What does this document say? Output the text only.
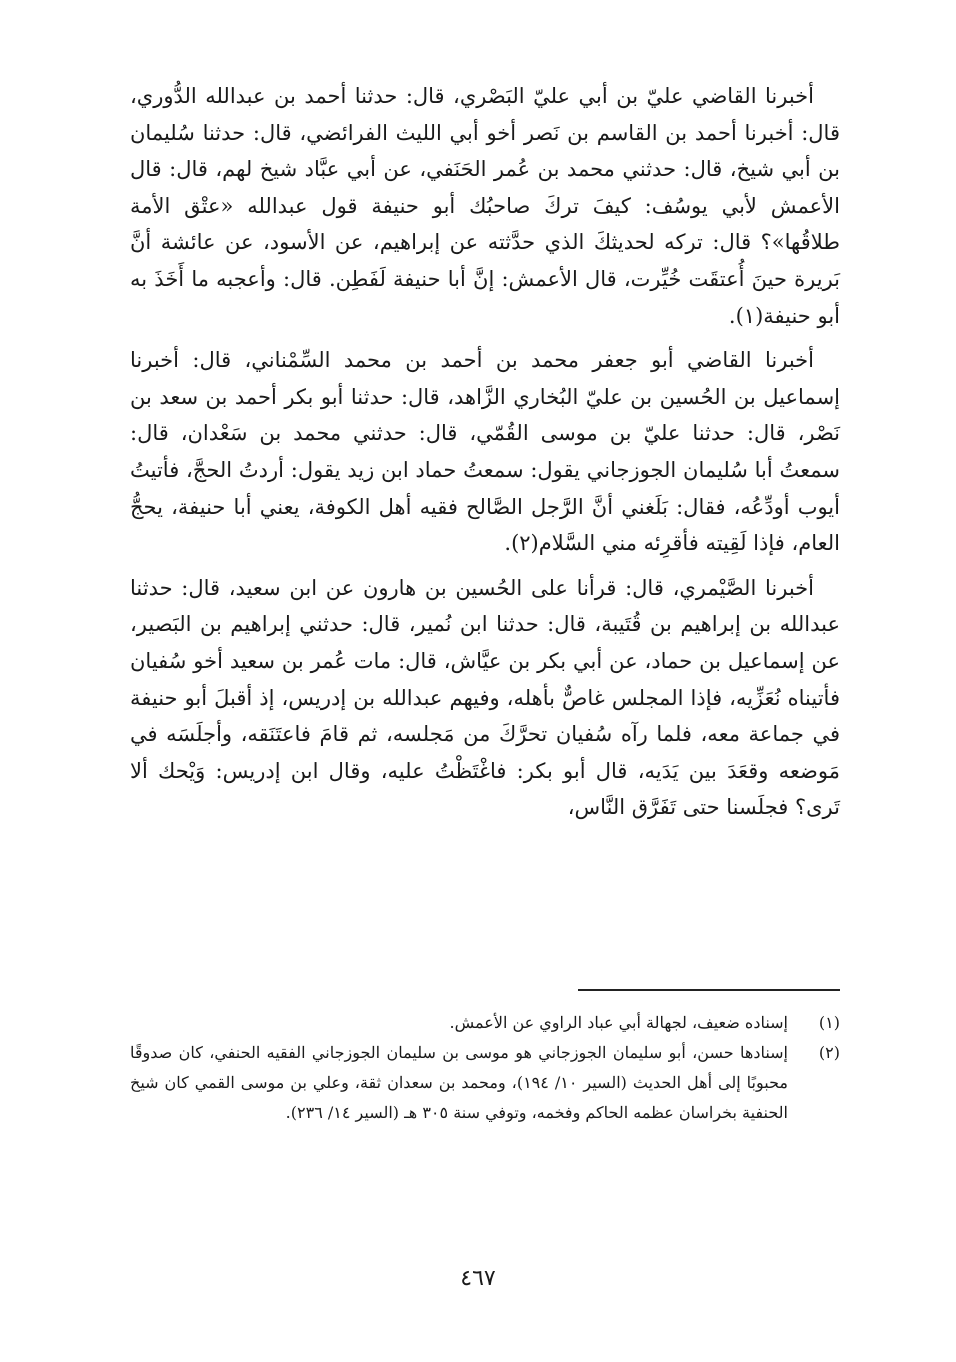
أخبرنا القاضي عليّ بن أبي عليّ البَصْري، قال: حدثنا أحمد بن عبدالله الدُّوري، قال: أخبرنا أحمد بن القاسم بن نَصر أخو أبي الليث الفرائضي، قال: حدثنا سُليمان بن أبي شيخ، قال: حدثني محمد بن عُمر الحَنَفي، عن أبي عبَّاد شيخ لهم، قال: قال الأعمش لأبي يوسُف: كيفَ تركَ صاحبُك أبو حنيفة قول عبدالله «عتْق الأمة طلاقُها»؟ قال: تركه لحديثكَ الذي حدَّثته عن إبراهيم، عن الأسود، عن عائشة أنَّ بَريرة حينَ أُعتقَت خُيِّرت، قال الأعمش: إنَّ أبا حنيفة لَفَطِن. قال: وأعجبه ما أَخَذَ به أبو حنيفة(١).

أخبرنا القاضي أبو جعفر محمد بن أحمد بن محمد السِّمْناني، قال: أخبرنا إسماعيل بن الحُسين بن عليّ البُخاري الزَّاهد، قال: حدثنا أبو بكر أحمد بن سعد بن نَصْر، قال: حدثنا عليّ بن موسى القُمّي، قال: حدثني محمد بن سَعْدان، قال: سمعتُ أبا سُليمان الجوزجاني يقول: سمعتُ حماد ابن زيد يقول: أردتُ الحجَّ، فأتيتُ أيوب أودِّعُه، فقال: بَلَغني أنَّ الرَّجل الصَّالح فقيه أهل الكوفة، يعني أبا حنيفة، يحجُّ العام، فإذا لَقِيته فأقرِئه مني السَّلام(٢).

أخبرنا الصَّيْمري، قال: قرأنا على الحُسين بن هارون عن ابن سعيد، قال: حدثنا عبدالله بن إبراهيم بن قُتَيبة، قال: حدثنا ابن نُمير، قال: حدثني إبراهيم بن البَصير، عن إسماعيل بن حماد، عن أبي بكر بن عيَّاش، قال: مات عُمر بن سعيد أخو سُفيان فأتيناه نُعَزِّيه، فإذا المجلس غاصٌّ بأهله، وفيهم عبدالله بن إدريس، إذ أقبلَ أبو حنيفة في جماعة معه، فلما رآه سُفيان تحرَّكَ من مَجلسه، ثم قامَ فاعتَنَقه، وأجلَسَه في مَوضعه وقعَدَ بين يَدَيه، قال أبو بكر: فاغْتَظْتُ عليه، وقال ابن إدريس: وَيْحك ألا تَرى؟ فجلَسنا حتى تَفَرَّق النَّاس،

(١)
إسناده ضعيف، لجهالة أبي عباد الراوي عن الأعمش.
(٢)
إسنادها حسن، أبو سليمان الجوزجاني هو موسى بن سليمان الجوزجاني الفقيه الحنفي، كان صدوقًا محبوبًا إلى أهل الحديث (السير ١٠/ ١٩٤)، ومحمد بن سعدان ثقة، وعلي بن موسى القمي كان شيخ الحنفية بخراسان عظمه الحاكم وفخمه، وتوفي سنة ٣٠٥ هـ (السير ١٤/ ٢٣٦).
٤٦٧
